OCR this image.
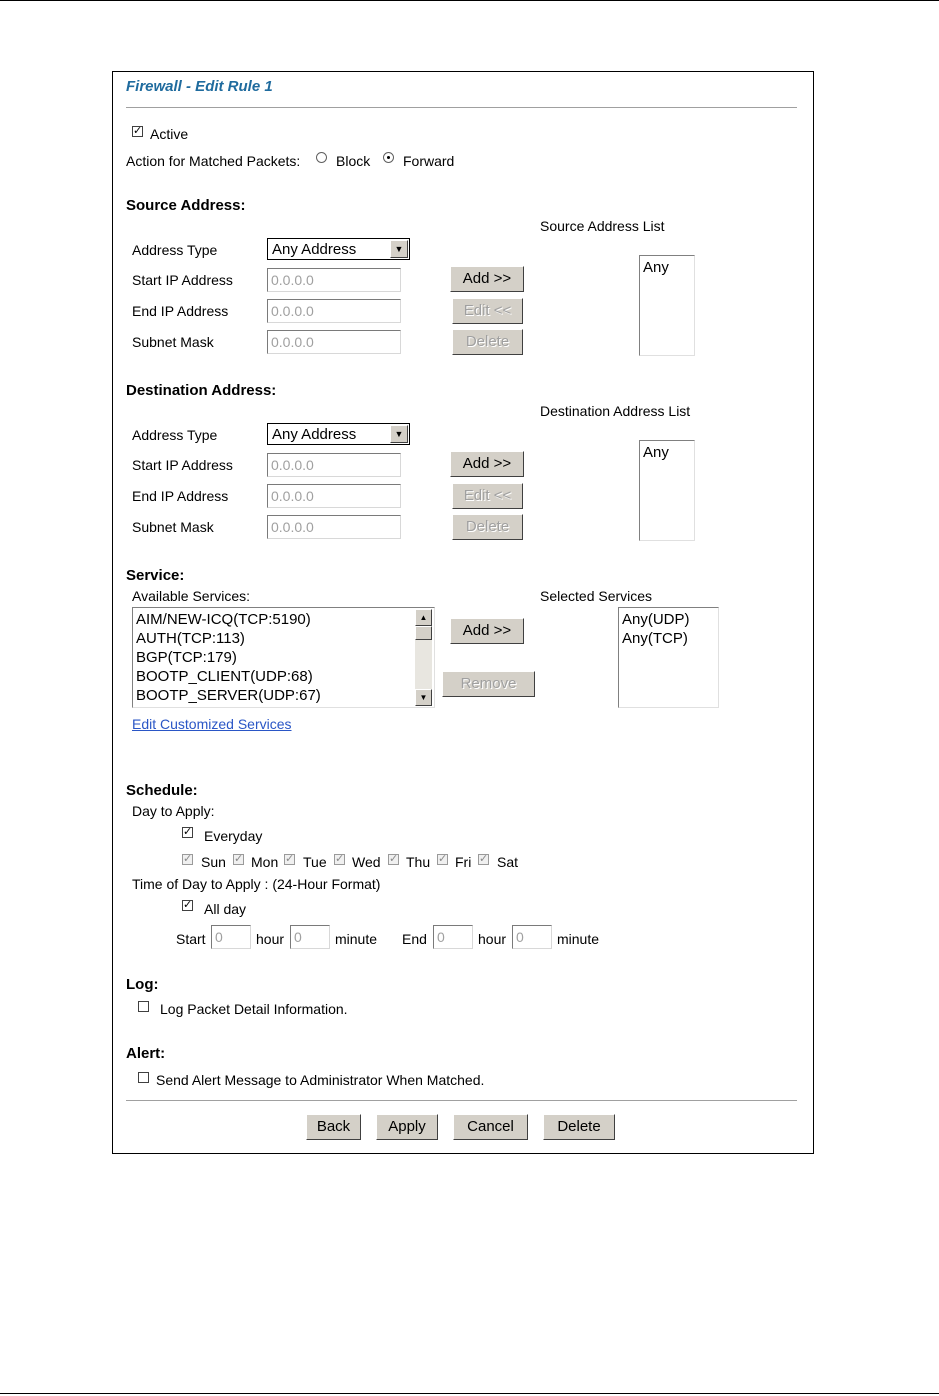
Firewall - Edit Rule 1
✓ Active
Action for Matched Packets:	Block Forward
Source Address:
Source Address List
Address Type	Any Address	▼
Start IP Address	0.0.0.0
End IP Address	0.0.0.0
Subnet Mask	0.0.0.0
Add >>
Edit <<
Delete
Any
Destination Address:
Destination Address List
Address Type	Any Address	▼
Start IP Address	0.0.0.0
End IP Address	0.0.0.0
Subnet Mask	0.0.0.0
Add >>
Edit <<
Delete
Any
Service:
Available Services:	Selected Services
AIM/NEW-ICQ(TCP:5190)
AUTH(TCP:113)
BGP(TCP:179)
BOOTP_CLIENT(UDP:68)
BOOTP_SERVER(UDP:67)
▲
▼
Add >>
Remove
Any(UDP)
Any(TCP)
Edit Customized Services
Schedule:
Day to Apply:
✓ Everyday
✓ Sun ✓ Mon ✓ Tue ✓ Wed ✓ Thu ✓ Fri ✓ Sat
Time of Day to Apply : (24-Hour Format)
✓ All day
Start 0 hour 0 minute End 0 hour 0 minute
Log:
Log Packet Detail Information.
Alert:
Send Alert Message to Administrator When Matched.
Back	Apply	Cancel	Delete
